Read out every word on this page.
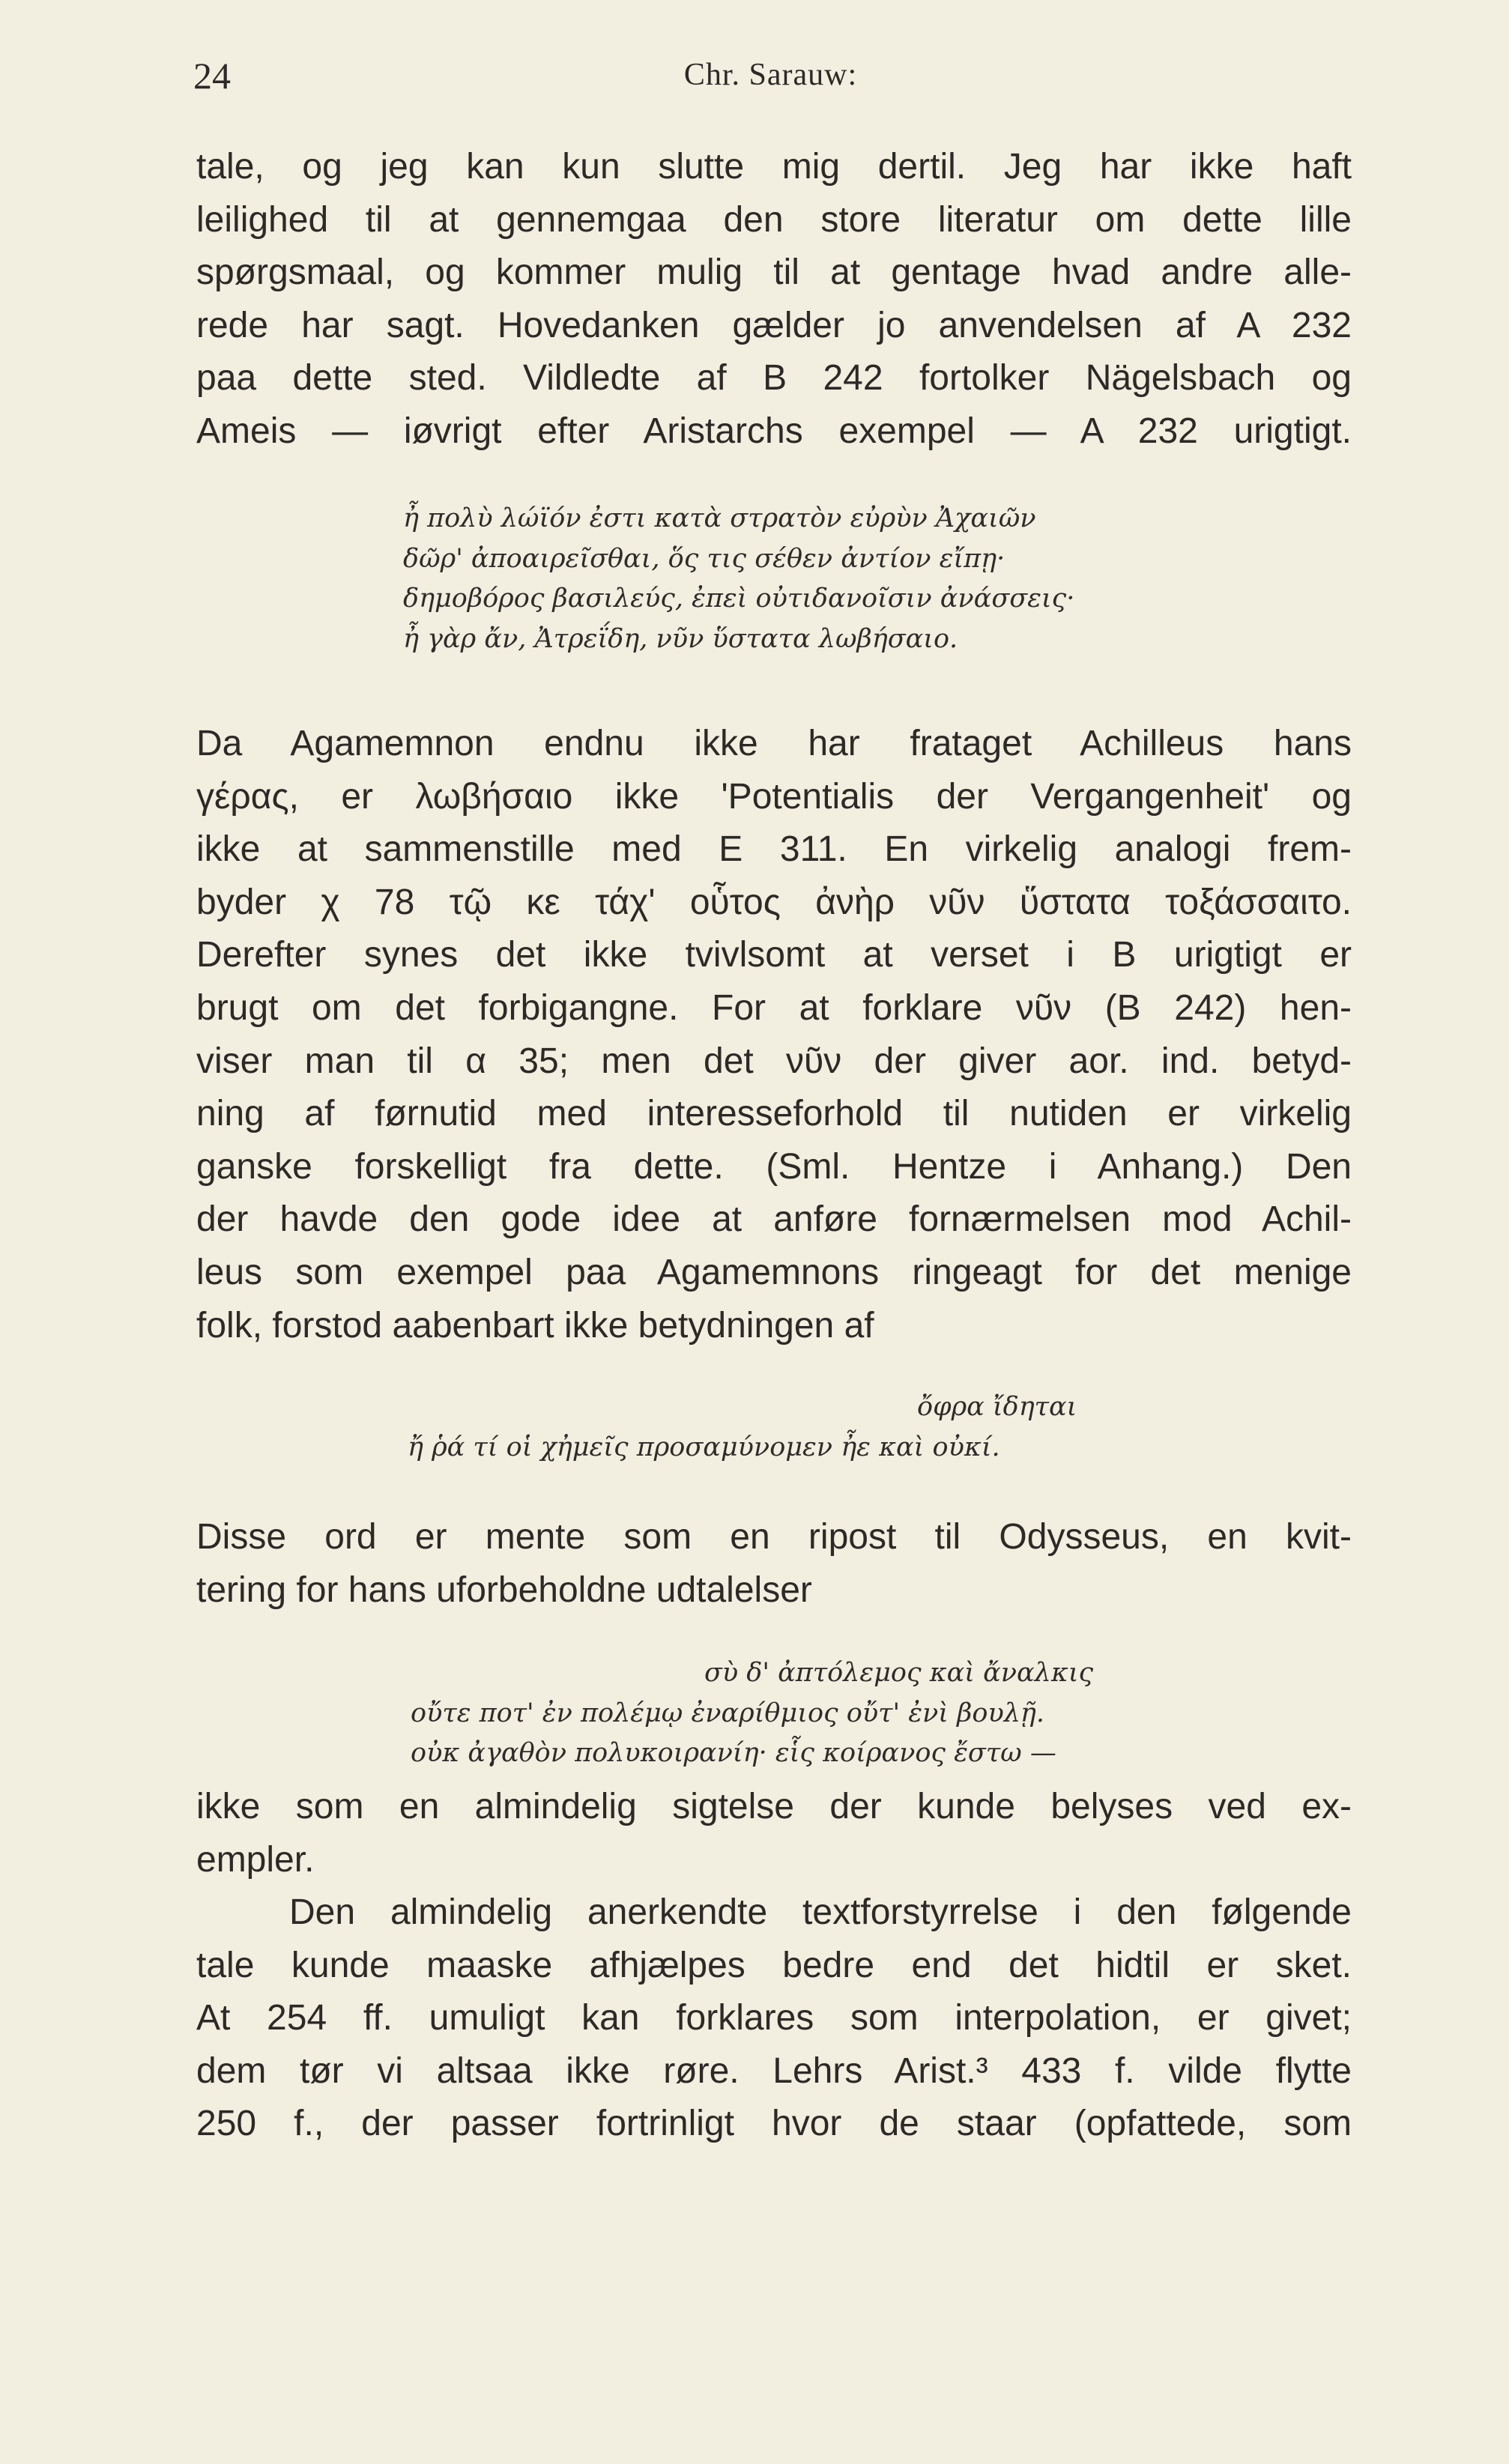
24	Chr. Sarauw:
tale, og jeg kan kun slutte mig dertil. Jeg har ikke haft
leilighed til at gennemgaa den store literatur om dette lille
spørgsmaal, og kommer mulig til at gentage hvad andre alle-
rede har sagt. Hovedanken gælder jo anvendelsen af A 232
paa dette sted. Vildledte af B 242 fortolker Nägelsbach og
Ameis — iøvrigt efter Aristarchs exempel — A 232 urigtigt.
ἦ πολὺ λώϊόν ἐστι κατὰ στρατὸν εὐρὺν Ἀχαιῶν
δῶρ' ἀποαιρεῖσθαι, ὅς τις σέθεν ἀντίον εἴπῃ·
δημοβόρος βασιλεύς, ἐπεὶ οὐτιδανοῖσιν ἀνάσσεις·
ἦ γὰρ ἄν, Ἀτρεΐδη, νῦν ὕστατα λωβήσαιο.
Da Agamemnon endnu ikke har frataget Achilleus hans
γέρας, er λωβήσαιο ikke 'Potentialis der Vergangenheit' og
ikke at sammenstille med E 311. En virkelig analogi frem-
byder χ 78 τῷ κε τάχ' οὗτος ἀνὴρ νῦν ὕστατα τοξάσσαιτο.
Derefter synes det ikke tvivlsomt at verset i B urigtigt er
brugt om det forbigangne. For at forklare νῦν (B 242) hen-
viser man til α 35; men det νῦν der giver aor. ind. betyd-
ning af førnutid med interesseforhold til nutiden er virkelig
ganske forskelligt fra dette. (Sml. Hentze i Anhang.) Den
der havde den gode idee at anføre fornærmelsen mod Achil-
leus som exempel paa Agamemnons ringeagt for det menige
folk, forstod aabenbart ikke betydningen af
ὄφρα ἴδηται
ἤ ῥά τί οἱ χἠμεῖς προσαμύνομεν ἦε καὶ οὐκί.
Disse ord er mente som en ripost til Odysseus, en kvit-
tering for hans uforbeholdne udtalelser
σὺ δ' ἀπτόλεμος καὶ ἄναλκις
οὔτε ποτ' ἐν πολέμῳ ἐναρίθμιος οὔτ' ἐνὶ βουλῇ.
οὐκ ἀγαθὸν πολυκοιρανίη· εἷς κοίρανος ἔστω —
ikke som en almindelig sigtelse der kunde belyses ved ex-
empler.
Den almindelig anerkendte textforstyrrelse i den følgende
tale kunde maaske afhjælpes bedre end det hidtil er sket.
At 254 ff. umuligt kan forklares som interpolation, er givet;
dem tør vi altsaa ikke røre. Lehrs Arist.³ 433 f. vilde flytte
250 f., der passer fortrinligt hvor de staar (opfattede, som
